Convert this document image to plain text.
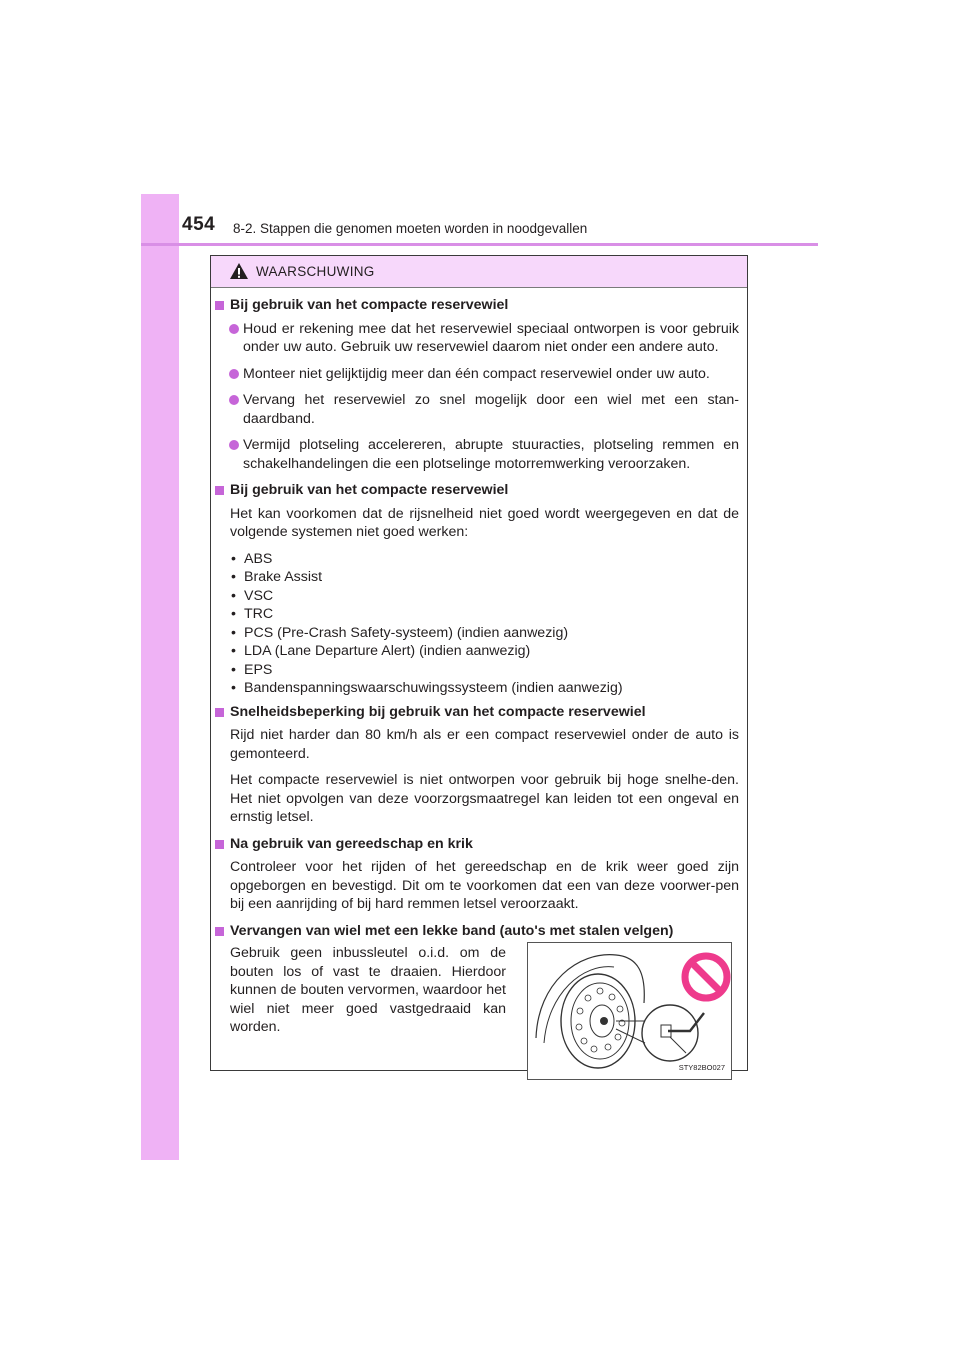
454 8-2. Stappen die genomen moeten worden in noodgevallen
WAARSCHUWING
Bij gebruik van het compacte reservewiel
Houd er rekening mee dat het reservewiel speciaal ontworpen is voor gebruik onder uw auto. Gebruik uw reservewiel daarom niet onder een andere auto.
Monteer niet gelijktijdig meer dan één compact reservewiel onder uw auto.
Vervang het reservewiel zo snel mogelijk door een wiel met een stan-daardband.
Vermijd plotseling accelereren, abrupte stuuracties, plotseling remmen en schakelhandelingen die een plotselinge motorremwerking veroorzaken.
Bij gebruik van het compacte reservewiel
Het kan voorkomen dat de rijsnelheid niet goed wordt weergegeven en dat de volgende systemen niet goed werken:
• ABS
• Brake Assist
• VSC
• TRC
• PCS (Pre-Crash Safety-systeem) (indien aanwezig)
• LDA (Lane Departure Alert) (indien aanwezig)
• EPS
• Bandenspanningswaarschuwingssysteem (indien aanwezig)
Snelheidsbeperking bij gebruik van het compacte reservewiel
Rijd niet harder dan 80 km/h als er een compact reservewiel onder de auto is gemonteerd.
Het compacte reservewiel is niet ontworpen voor gebruik bij hoge snelhe-den. Het niet opvolgen van deze voorzorgsmaatregel kan leiden tot een ongeval en ernstig letsel.
Na gebruik van gereedschap en krik
Controleer voor het rijden of het gereedschap en de krik weer goed zijn opgeborgen en bevestigd. Dit om te voorkomen dat een van deze voorwer-pen bij een aanrijding of bij hard remmen letsel veroorzaakt.
Vervangen van wiel met een lekke band (auto's met stalen velgen)
Gebruik geen inbussleutel o.i.d. om de bouten los of vast te draaien. Hierdoor kunnen de bouten vervormen, waardoor het wiel niet meer goed vastgedraaid kan worden.
STY82BO027
